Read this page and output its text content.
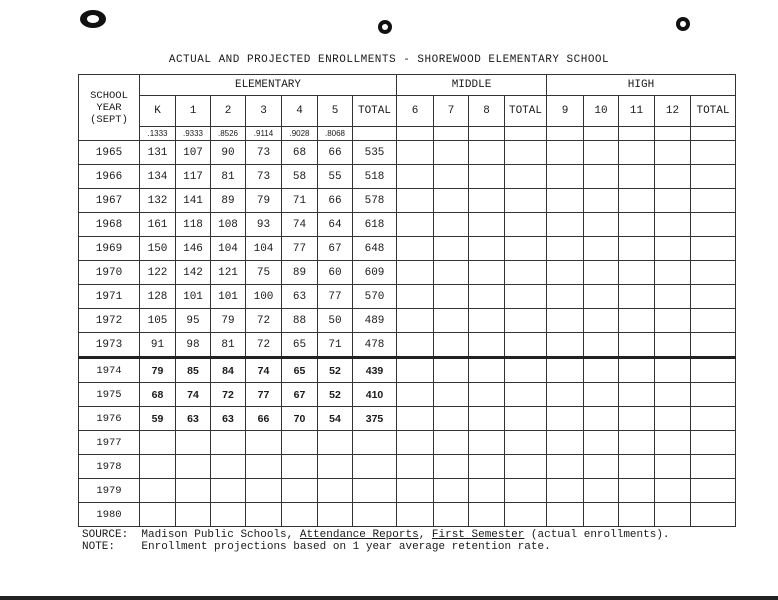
ACTUAL AND PROJECTED ENROLLMENTS - SHOREWOOD ELEMENTARY SCHOOL
SCHOOL YEAR (SEPT)	ELEMENTARY							MIDDLE				HIGH				
	K	1	2	3	4	5	TOTAL	6	7	8	TOTAL	9	10	11	12	TOTAL
	.1333	.9333	.8526	.9114	.9028	.8068										
1965	131	107	90	73	68	66	535									
1966	134	117	81	73	58	55	518									
1967	132	141	89	79	71	66	578									
1968	161	118	108	93	74	64	618									
1969	150	146	104	104	77	67	648									
1970	122	142	121	75	89	60	609									
1971	128	101	101	100	63	77	570									
1972	105	95	79	72	88	50	489									
1973	91	98	81	72	65	71	478									
1974	79	85	84	74	65	52	439									
1975	68	74	72	77	67	52	410									
1976	59	63	63	66	70	54	375									
1977																
1978																
1979																
1980																
SOURCE: Madison Public Schools, Attendance Reports, First Semester (actual enrollments).
NOTE: Enrollment projections based on 1 year average retention rate.
